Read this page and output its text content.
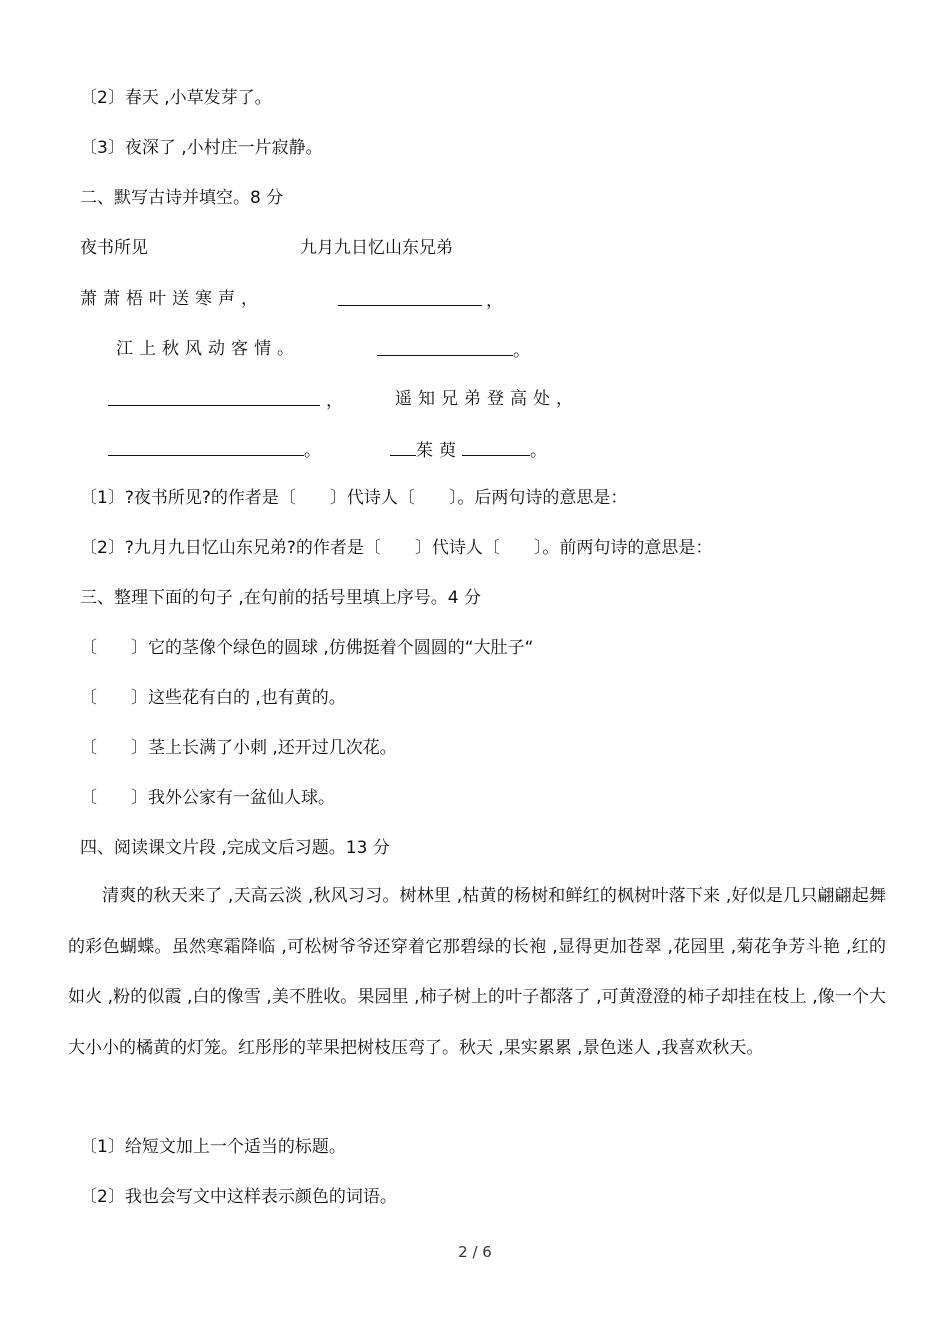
〔2〕春天 ,小草发芽了。
〔3〕夜深了 ,小村庄一片寂静。
二、默写古诗并填空。8 分
夜书所见	九月九日忆山东兄弟
萧萧梧叶送寒声，	，
江上秋风动客情。	。
，	遥知兄弟登高处，
。	茱萸	。
〔1〕?夜书所见?的作者是〔　　〕代诗人〔　　〕。后两句诗的意思是：
〔2〕?九月九日忆山东兄弟?的作者是〔　　〕代诗人〔　　〕。前两句诗的意思是：
三、整理下面的句子 ,在句前的括号里填上序号。4 分
〔　　〕它的茎像个绿色的圆球 ,仿佛挺着个圆圆的“大肚子“
〔　　〕这些花有白的 ,也有黄的。
〔　　〕茎上长满了小刺 ,还开过几次花。
〔　　〕我外公家有一盆仙人球。
四、阅读课文片段 ,完成文后习题。13 分
清爽的秋天来了 ,天高云淡 ,秋风习习。树林里 ,枯黄的杨树和鲜红的枫树叶落下来 ,好似是几只翩翩起舞的彩色蝴蝶。虽然寒霜降临 ,可松树爷爷还穿着它那碧绿的长袍 ,显得更加苍翠 ,花园里 ,菊花争芳斗艳 ,红的如火 ,粉的似霞 ,白的像雪 ,美不胜收。果园里 ,柿子树上的叶子都落了 ,可黄澄澄的柿子却挂在枝上 ,像一个大大小小的橘黄的灯笼。红彤彤的苹果把树枝压弯了。秋天 ,果实累累 ,景色迷人 ,我喜欢秋天。
〔1〕给短文加上一个适当的标题。
〔2〕我也会写文中这样表示颜色的词语。
2 / 6
